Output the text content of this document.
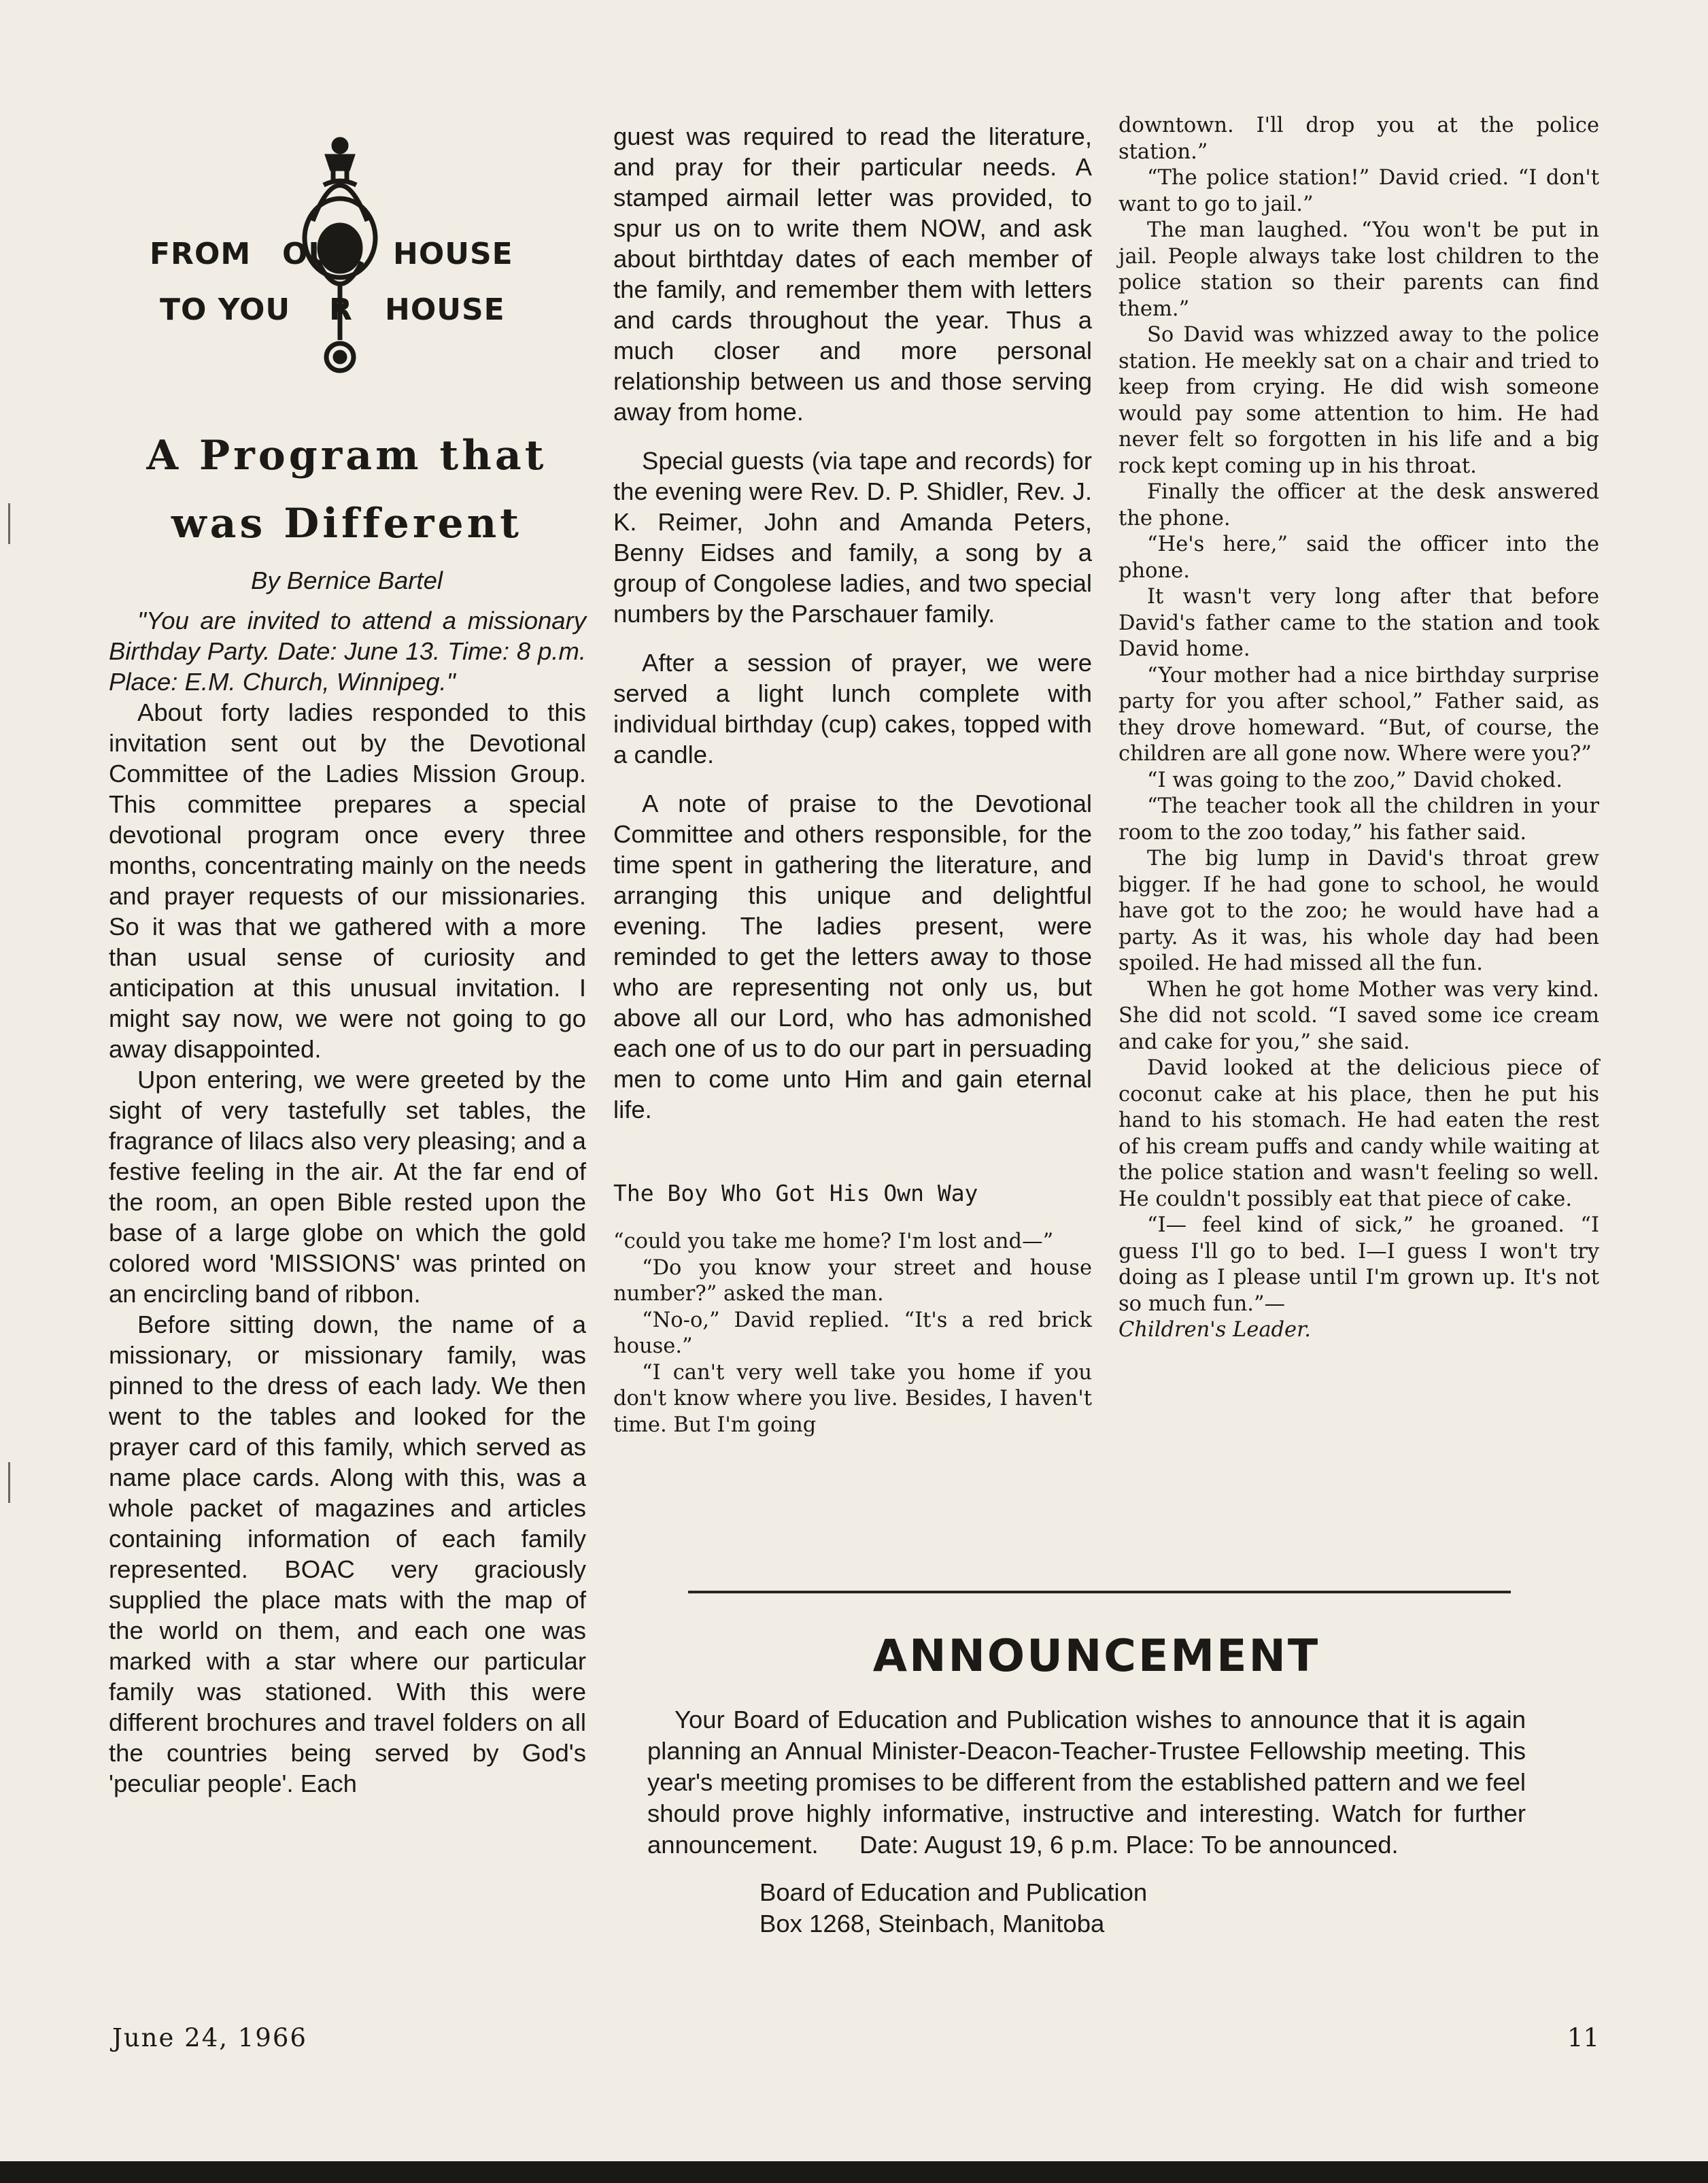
FROM OUR HOUSE
TO YOU R HOUSE
A Program that
was Different
By Bernice Bartel

"You are invited to attend a missionary Birthday Party. Date: June 13. Time: 8 p.m. Place: E.M. Church, Winnipeg."

About forty ladies responded to this invitation sent out by the Devotional Committee of the Ladies Mission Group. This committee prepares a special devotional program once every three months, concentrating mainly on the needs and prayer requests of our missionaries. So it was that we gathered with a more than usual sense of curiosity and anticipation at this unusual invitation. I might say now, we were not going to go away disappointed.

Upon entering, we were greeted by the sight of very tastefully set tables, the fragrance of lilacs also very pleasing; and a festive feeling in the air. At the far end of the room, an open Bible rested upon the base of a large globe on which the gold colored word 'MISSIONS' was printed on an encircling band of ribbon.

Before sitting down, the name of a missionary, or missionary family, was pinned to the dress of each lady. We then went to the tables and looked for the prayer card of this family, which served as name place cards. Along with this, was a whole packet of magazines and articles containing information of each family represented. BOAC very graciously supplied the place mats with the map of the world on them, and each one was marked with a star where our particular family was stationed. With this were different brochures and travel folders on all the countries being served by God's 'peculiar people'. Each

guest was required to read the literature, and pray for their particular needs. A stamped airmail letter was provided, to spur us on to write them NOW, and ask about birthtday dates of each member of the family, and remember them with letters and cards throughout the year. Thus a much closer and more personal relationship between us and those serving away from home.

Special guests (via tape and records) for the evening were Rev. D. P. Shidler, Rev. J. K. Reimer, John and Amanda Peters, Benny Eidses and family, a song by a group of Congolese ladies, and two special numbers by the Parschauer family.

After a session of prayer, we were served a light lunch complete with individual birthday (cup) cakes, topped with a candle.

A note of praise to the Devotional Committee and others responsible, for the time spent in gathering the literature, and arranging this unique and delightful evening. The ladies present, were reminded to get the letters away to those who are representing not only us, but above all our Lord, who has admonished each one of us to do our part in persuading men to come unto Him and gain eternal life.

The Boy Who Got His Own Way

“could you take me home? I'm lost and—”

“Do you know your street and house number?” asked the man.

“No-o,” David replied. “It's a red brick house.”

“I can't very well take you home if you don't know where you live. Besides, I haven't time. But I'm going

downtown. I'll drop you at the police station.”

“The police station!” David cried. “I don't want to go to jail.”

The man laughed. “You won't be put in jail. People always take lost children to the police station so their parents can find them.”

So David was whizzed away to the police station. He meekly sat on a chair and tried to keep from crying. He did wish someone would pay some attention to him. He had never felt so forgotten in his life and a big rock kept coming up in his throat.

Finally the officer at the desk answered the phone.

“He's here,” said the officer into the phone.

It wasn't very long after that before David's father came to the station and took David home.

“Your mother had a nice birthday surprise party for you after school,” Father said, as they drove homeward. “But, of course, the children are all gone now. Where were you?”

“I was going to the zoo,” David choked.

“The teacher took all the children in your room to the zoo today,” his father said.

The big lump in David's throat grew bigger. If he had gone to school, he would have got to the zoo; he would have had a party. As it was, his whole day had been spoiled. He had missed all the fun.

When he got home Mother was very kind. She did not scold. “I saved some ice cream and cake for you,” she said.

David looked at the delicious piece of coconut cake at his place, then he put his hand to his stomach. He had eaten the rest of his cream puffs and candy while waiting at the police station and wasn't feeling so well. He couldn't possibly eat that piece of cake.

“I— feel kind of sick,” he groaned. “I guess I'll go to bed. I—I guess I won't try doing as I please until I'm grown up. It's not so much fun.”—

Children's Leader.

ANNOUNCEMENT

Your Board of Education and Publication wishes to announce that it is again planning an Annual Minister-Deacon-Teacher-Trustee Fellowship meeting. This year's meeting promises to be different from the established pattern and we feel should prove highly informative, instructive and interesting. Watch for further announcement. Date: August 19, 6 p.m. Place: To be announced.

Board of Education and Publication
Box 1268, Steinbach, Manitoba
June 24, 1966	11
